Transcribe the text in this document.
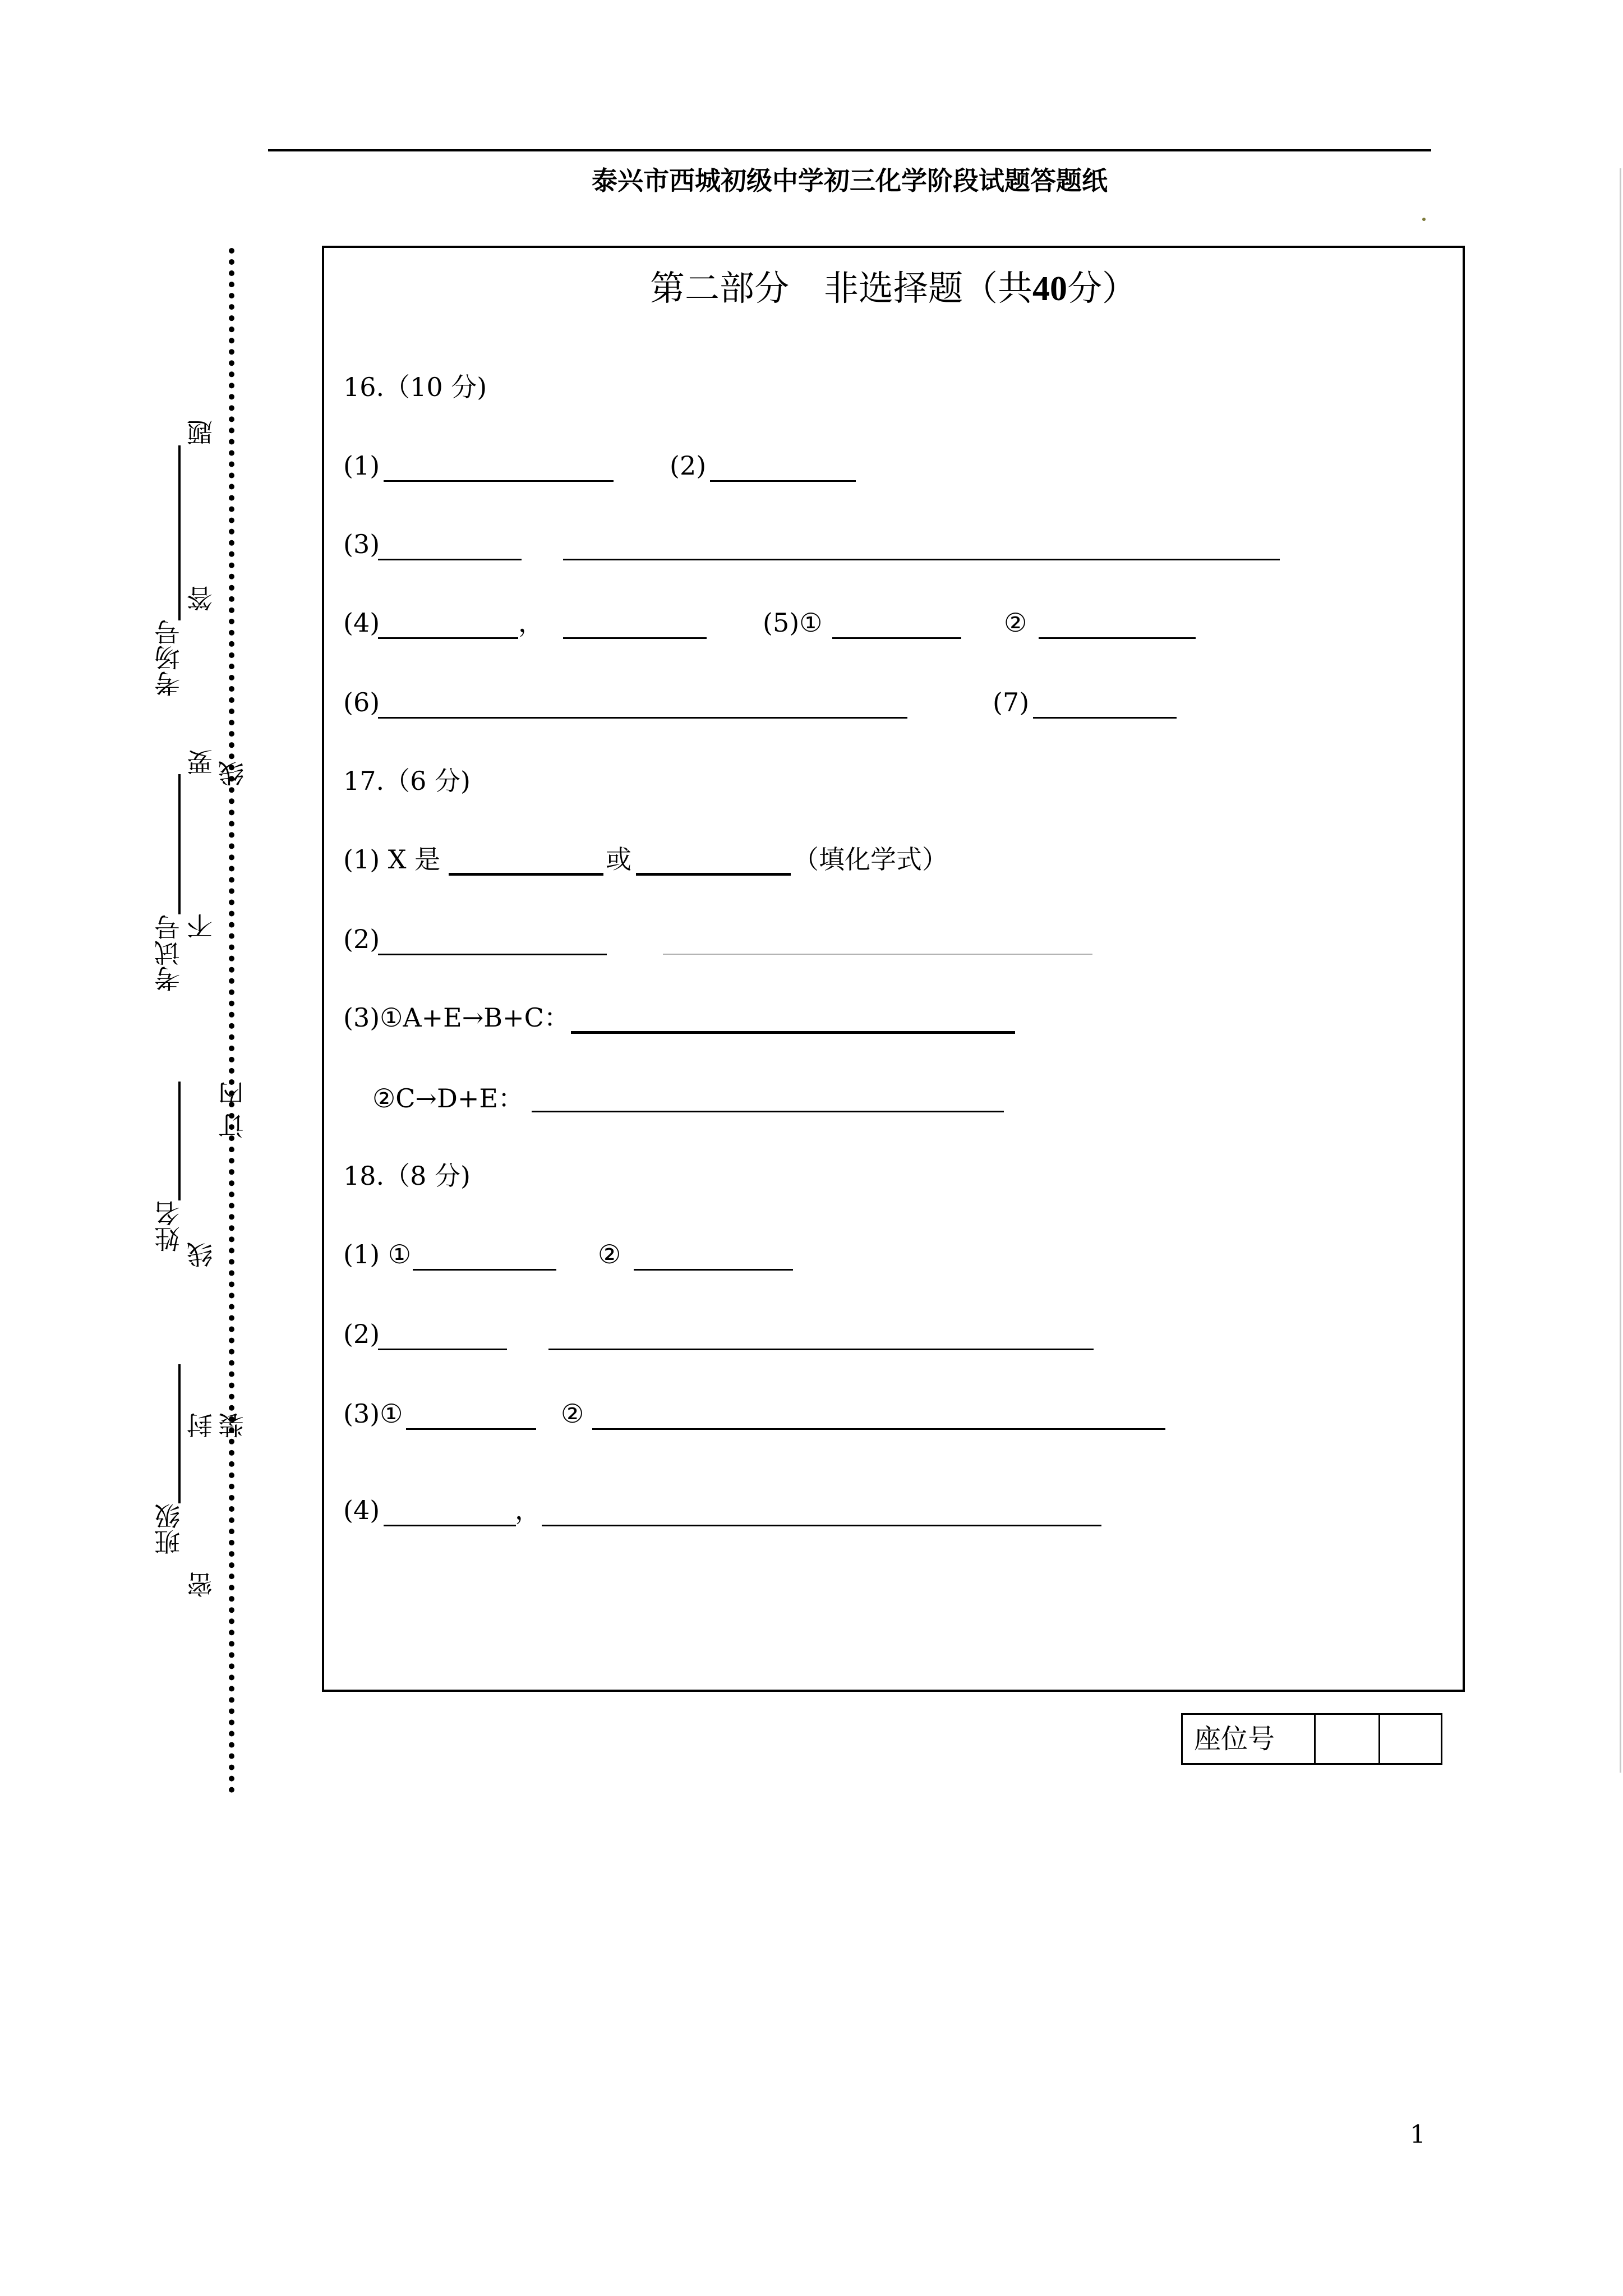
泰兴市西城初级中学初三化学阶段试题答题纸
密
封
线
内
不
要
答
题
装
订
线
考场号
考试号
姓名
班级
第二部分　非选择题（共40分）
16.（10 分)
(1)	(2)
(3)
(4)	，	(5)①	②
(6)	(7)
17.（6 分)
(1) X 是	或	（填化学式）
(2)
(3)①A+E→B+C：
②C→D+E：
18.（8 分)
(1) ①	②
(2)
(3)①	②
(4)	，
座位号
1
